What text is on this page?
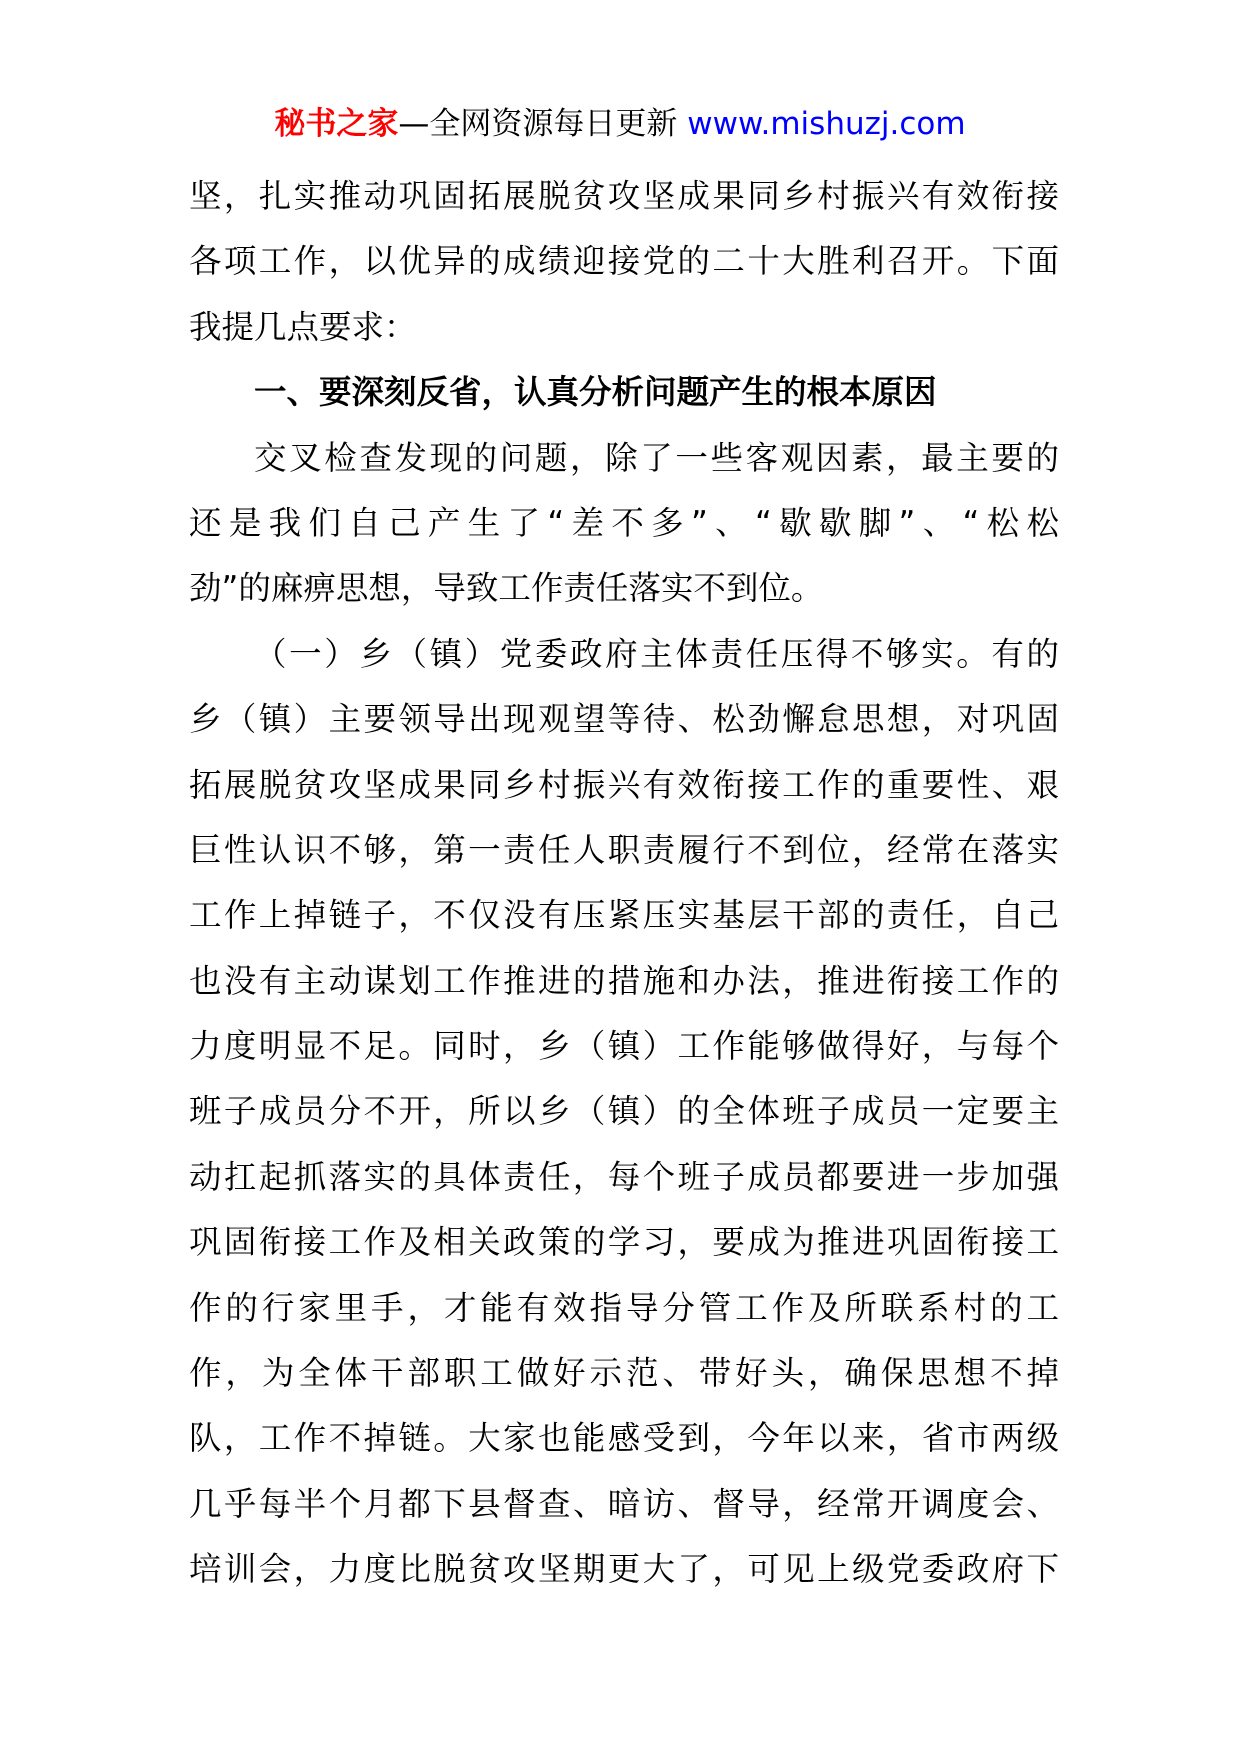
秘书之家—全网资源每日更新 www.mishuzj.com
坚，扎实推动巩固拓展脱贫攻坚成果同乡村振兴有效衔接
各项工作，以优异的成绩迎接党的二十大胜利召开。下面
我提几点要求：
一、要深刻反省，认真分析问题产生的根本原因
交叉检查发现的问题，除了一些客观因素，最主要的
还是我们自己产生了“差不多”、“歇歇脚”、“松松
劲”的麻痹思想，导致工作责任落实不到位。
（一）乡（镇）党委政府主体责任压得不够实。有的
乡（镇）主要领导出现观望等待、松劲懈怠思想，对巩固
拓展脱贫攻坚成果同乡村振兴有效衔接工作的重要性、艰
巨性认识不够，第一责任人职责履行不到位，经常在落实
工作上掉链子，不仅没有压紧压实基层干部的责任，自己
也没有主动谋划工作推进的措施和办法，推进衔接工作的
力度明显不足。同时，乡（镇）工作能够做得好，与每个
班子成员分不开，所以乡（镇）的全体班子成员一定要主
动扛起抓落实的具体责任，每个班子成员都要进一步加强
巩固衔接工作及相关政策的学习，要成为推进巩固衔接工
作的行家里手，才能有效指导分管工作及所联系村的工
作，为全体干部职工做好示范、带好头，确保思想不掉
队，工作不掉链。大家也能感受到，今年以来，省市两级
几乎每半个月都下县督查、暗访、督导，经常开调度会、
培训会，力度比脱贫攻坚期更大了，可见上级党委政府下
